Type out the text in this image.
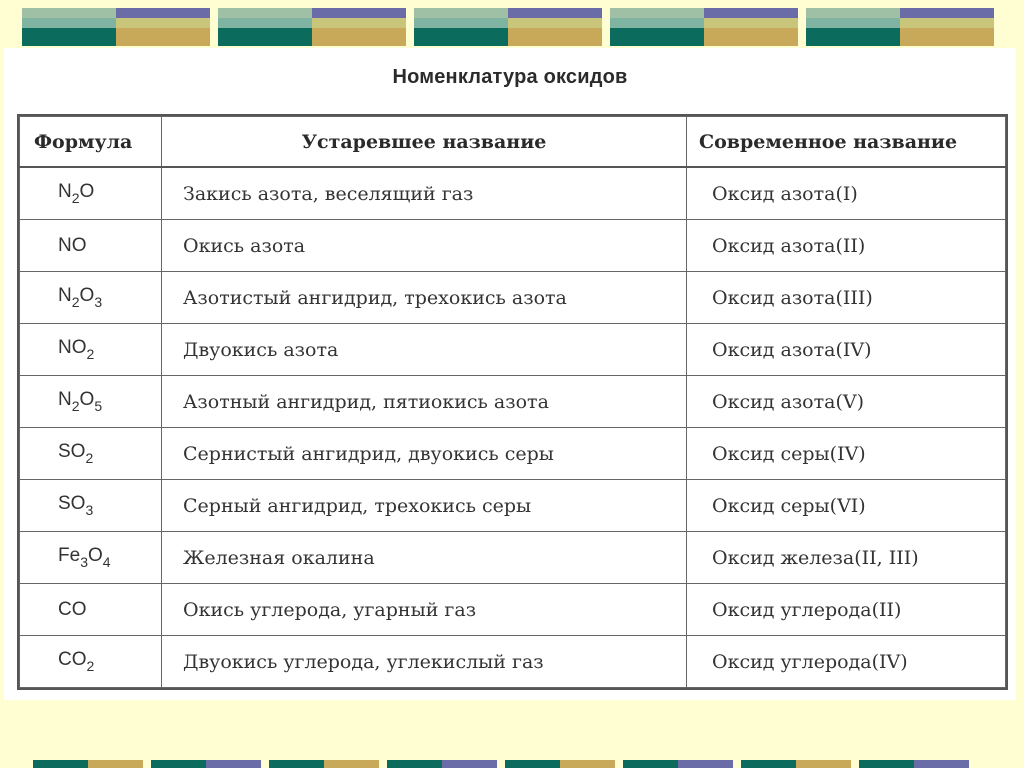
Номенклатура оксидов
Формула	Устаревшее название	Современное название
$N_2O$	Закись азота, веселящий газ	Оксид азота(I)
NO	Окись азота	Оксид азота(II)
$N_2O_3$	Азотистый ангидрид, трехокись азота	Оксид азота(III)
$NO_2$	Двуокись азота	Оксид азота(IV)
$N_2O_5$	Азотный ангидрид, пятиокись азота	Оксид азота(V)
$SO_2$	Сернистый ангидрид, двуокись серы	Оксид серы(IV)
$SO_3$	Серный ангидрид, трехокись серы	Оксид серы(VI)
$Fe_3O_4$	Железная окалина	Оксид железа(II, III)
CO	Окись углерода, угарный газ	Оксид углерода(II)
$CO_2$	Двуокись углерода, углекислый газ	Оксид углерода(IV)
